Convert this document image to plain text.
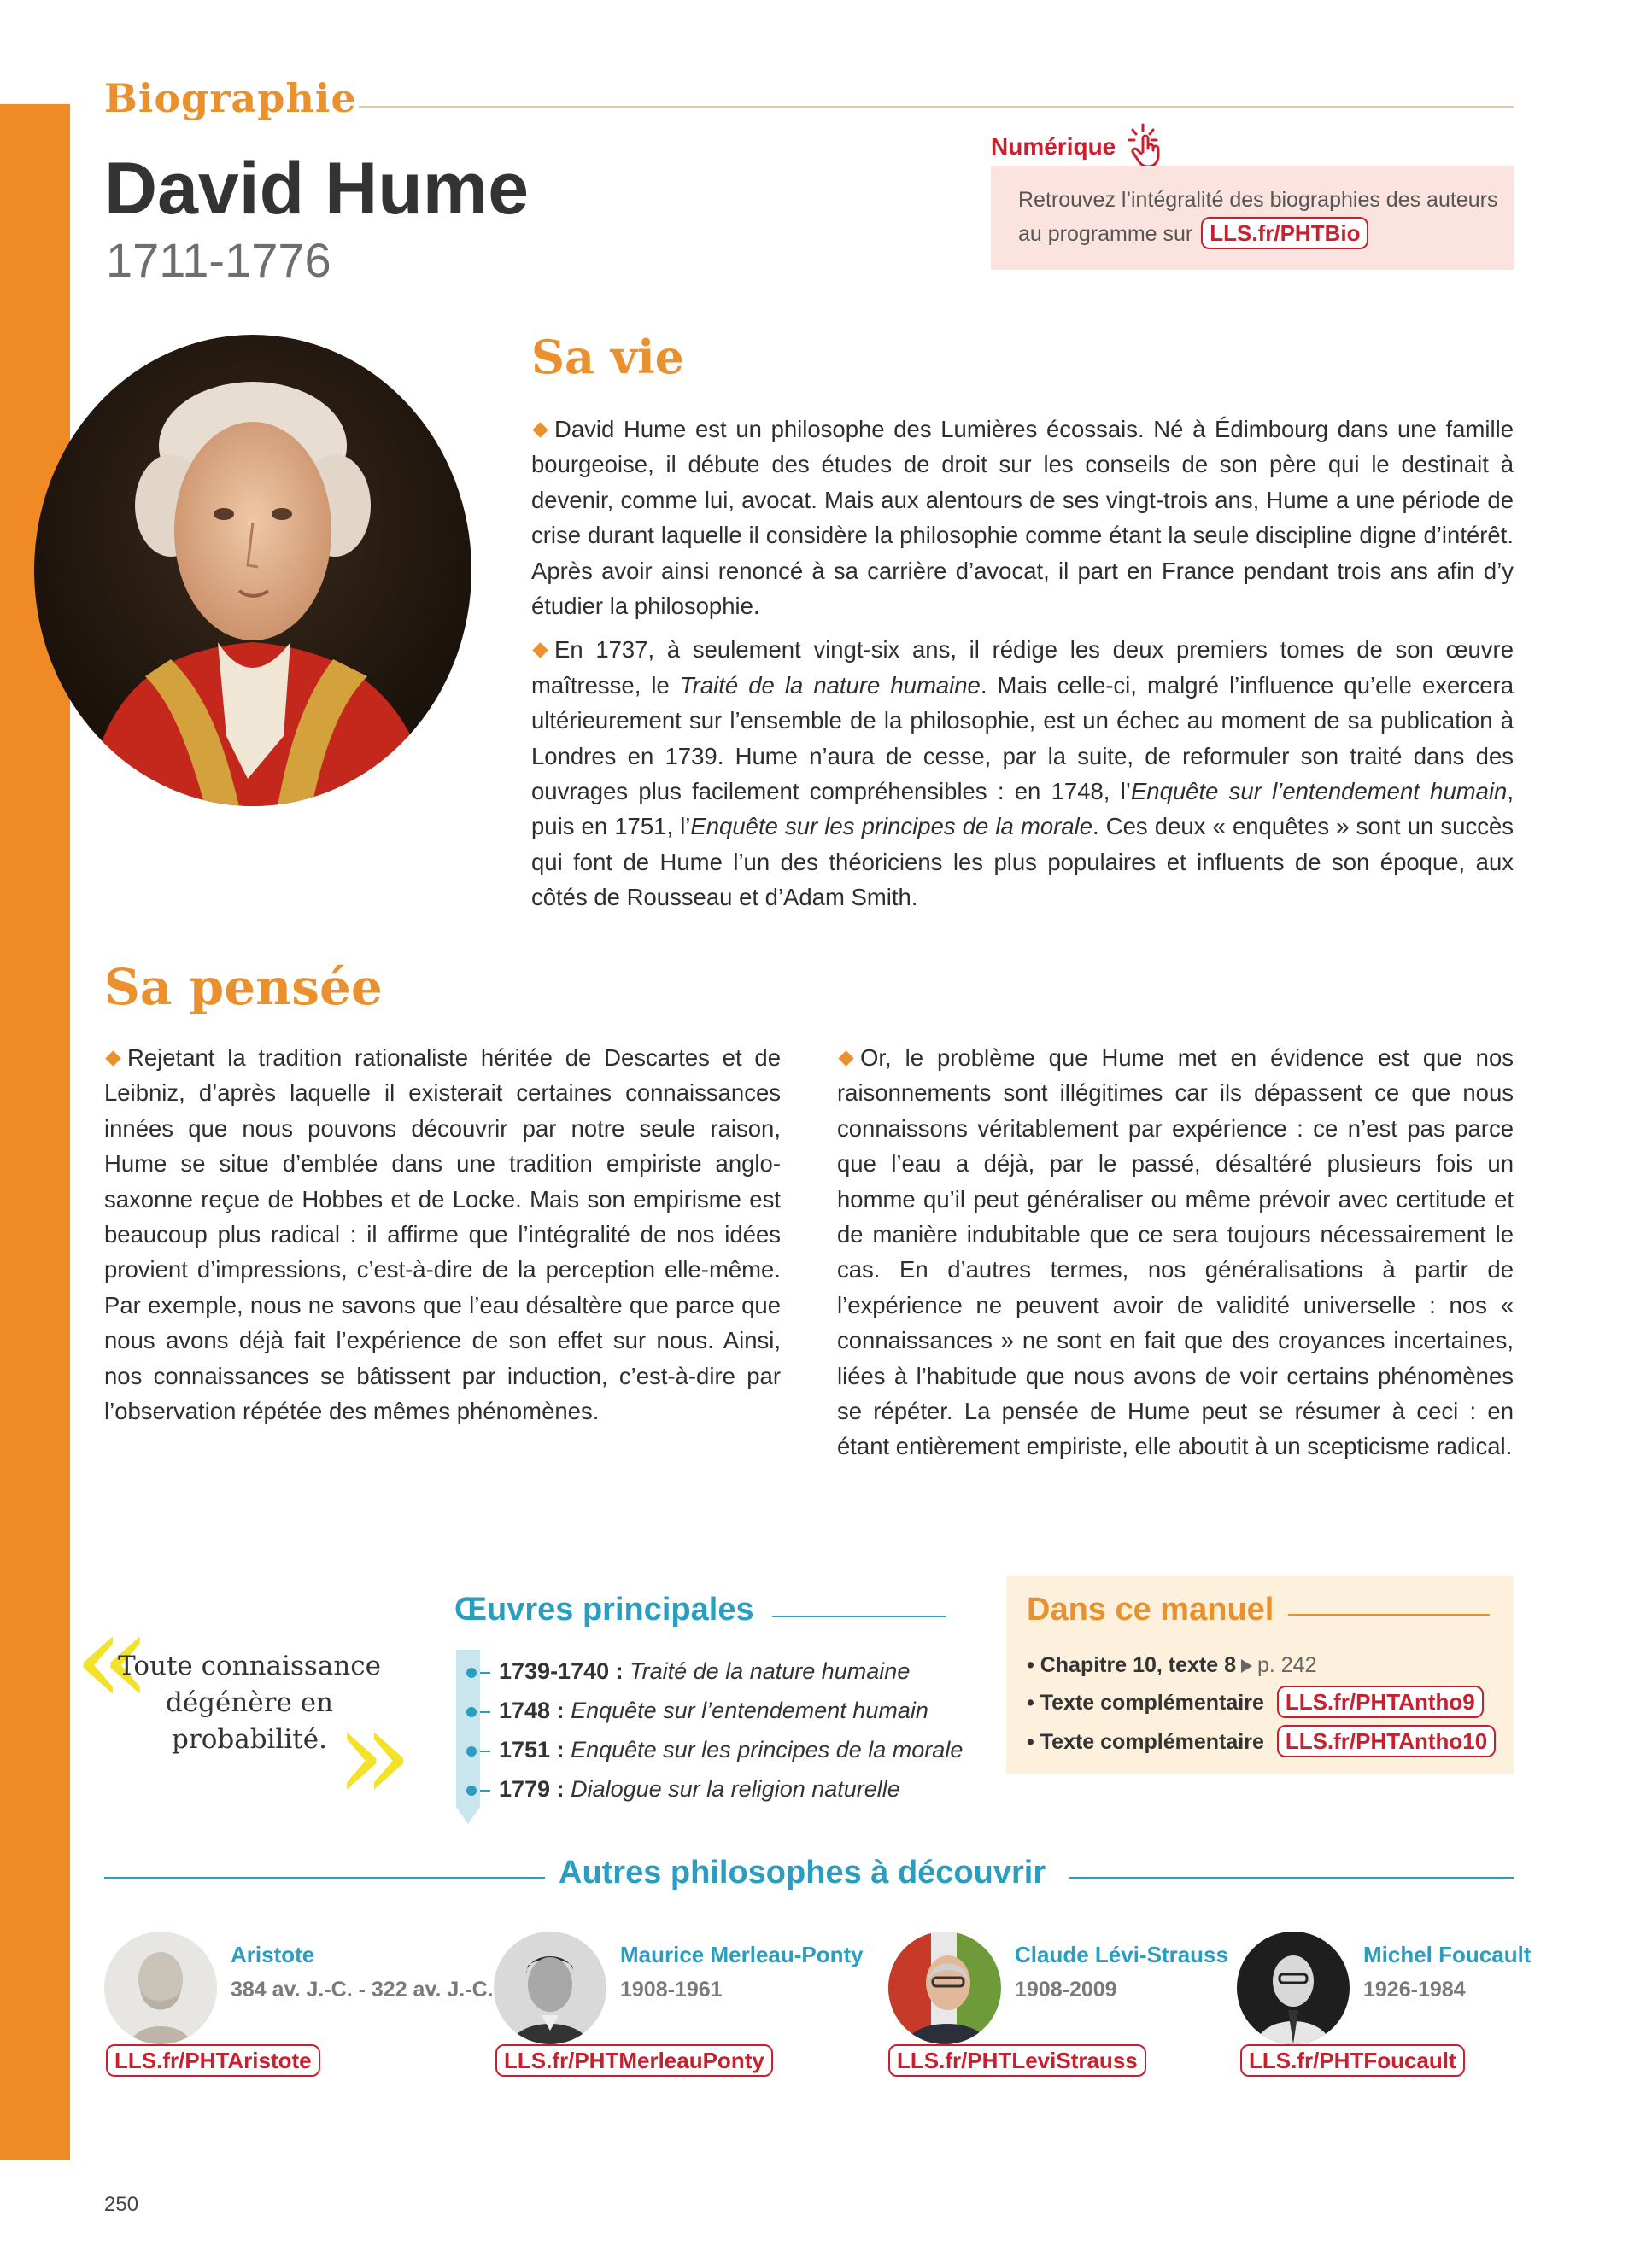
Biographie
David Hume
1711-1776
Numérique
Retrouvez l’intégralité des biographies des auteurs au programme sur LLS.fr/PHTBio
Sa vie

David Hume est un philosophe des Lumières écossais. Né à Édimbourg dans une famille bourgeoise, il débute des études de droit sur les conseils de son père qui le destinait à devenir, comme lui, avocat. Mais aux alentours de ses vingt-trois ans, Hume a une période de crise durant laquelle il considère la philosophie comme étant la seule discipline digne d’intérêt. Après avoir ainsi renoncé à sa carrière d’avocat, il part en France pendant trois ans afin d’y étudier la philosophie.

En 1737, à seulement vingt-six ans, il rédige les deux premiers tomes de son œuvre maîtresse, le Traité de la nature humaine. Mais celle-ci, malgré l’influence qu’elle exercera ultérieurement sur l’ensemble de la philosophie, est un échec au moment de sa publication à Londres en 1739. Hume n’aura de cesse, par la suite, de reformuler son traité dans des ouvrages plus facilement compréhensibles : en 1748, l’Enquête sur l’entendement humain, puis en 1751, l’Enquête sur les principes de la morale. Ces deux « enquêtes » sont un succès qui font de Hume l’un des théoriciens les plus populaires et influents de son époque, aux côtés de Rousseau et d’Adam Smith.

Sa pensée

Rejetant la tradition rationaliste héritée de Descartes et de Leibniz, d’après laquelle il existerait certaines connaissances innées que nous pouvons découvrir par notre seule raison, Hume se situe d’emblée dans une tradition empiriste anglo-saxonne reçue de Hobbes et de Locke. Mais son empirisme est beaucoup plus radical : il affirme que l’intégralité de nos idées provient d’impressions, c’est-à-dire de la perception elle-même. Par exemple, nous ne savons que l’eau désaltère que parce que nous avons déjà fait l’expérience de son effet sur nous. Ainsi, nos connaissances se bâtissent par induction, c’est-à-dire par l’observation répétée des mêmes phénomènes.

Or, le problème que Hume met en évidence est que nos raisonnements sont illégitimes car ils dépassent ce que nous connaissons véritablement par expérience : ce n’est pas parce que l’eau a déjà, par le passé, désaltéré plusieurs fois un homme qu’il peut généraliser ou même prévoir avec certitude et de manière indubitable que ce sera toujours nécessairement le cas. En d’autres termes, nos généralisations à partir de l’expérience ne peuvent avoir de validité universelle : nos « connaissances » ne sont en fait que des croyances incertaines, liées à l’habitude que nous avons de voir certains phénomènes se répéter. La pensée de Hume peut se résumer à ceci : en étant entièrement empiriste, elle aboutit à un scepticisme radical.

«
Toute connaissance dégénère en probabilité. »
Œuvres principales
1739-1740 : Traité de la nature humaine
1748 : Enquête sur l’entendement humain
1751 : Enquête sur les principes de la morale
1779 : Dialogue sur la religion naturelle
Dans ce manuel
• Chapitre 10, texte 8 p. 242
• Texte complémentaire LLS.fr/PHTAntho9
• Texte complémentaire LLS.fr/PHTAntho10
Autres philosophes à découvrir
Aristote
384 av. J.-C. - 322 av. J.-C.
LLS.fr/PHTAristote
Maurice Merleau-Ponty
1908-1961
LLS.fr/PHTMerleauPonty
Claude Lévi-Strauss
1908-2009
LLS.fr/PHTLeviStrauss
Michel Foucault
1926-1984
LLS.fr/PHTFoucault
250
